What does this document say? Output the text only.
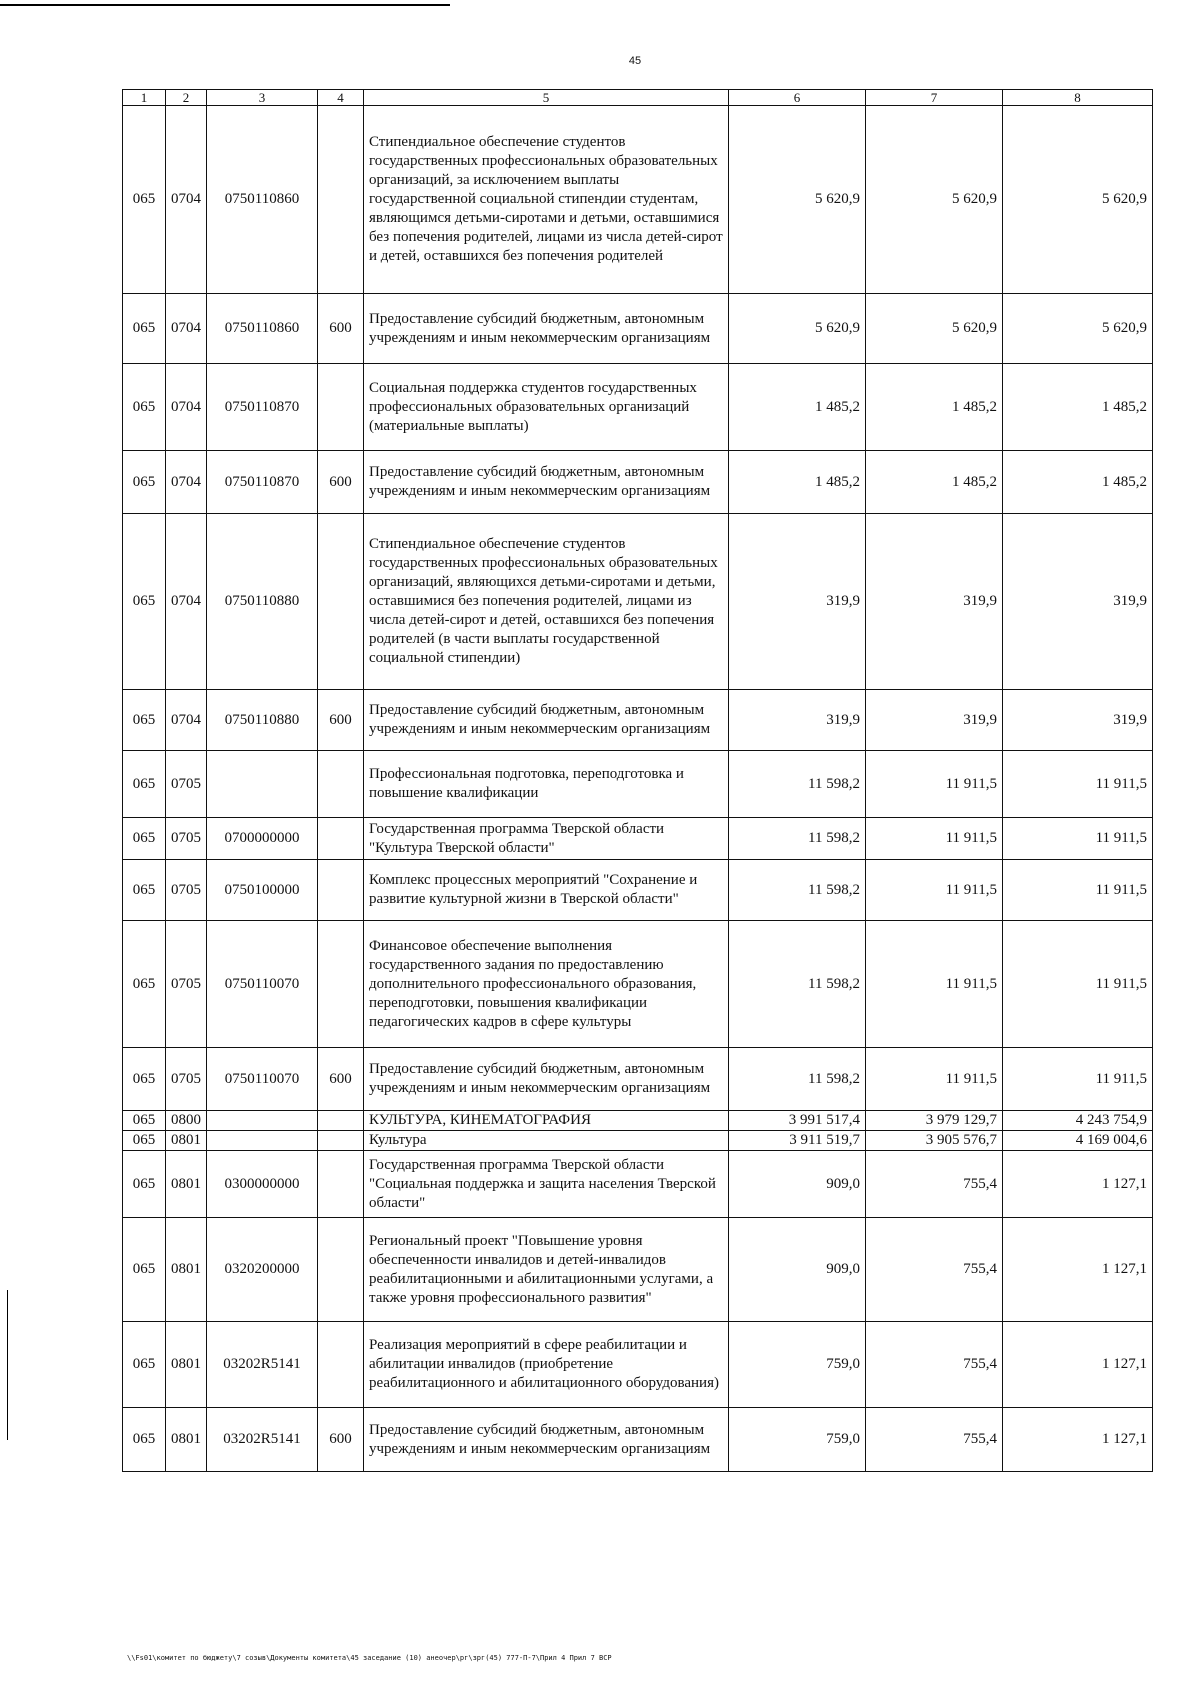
45
1	2	3	4	5	6	7	8
065	0704	0750110860		Стипендиальное обеспечение студентов государственных профессиональных образовательных организаций, за исключением выплаты государственной социальной стипендии студентам, являющимся детьми-сиротами и детьми, оставшимися без попечения родителей, лицами из числа детей-сирот и детей, оставшихся без попечения родителей	5 620,9	5 620,9	5 620,9
065	0704	0750110860	600	Предоставление субсидий бюджетным, автономным учреждениям и иным некоммерческим организациям	5 620,9	5 620,9	5 620,9
065	0704	0750110870		Социальная поддержка студентов государственных профессиональных образовательных организаций (материальные выплаты)	1 485,2	1 485,2	1 485,2
065	0704	0750110870	600	Предоставление субсидий бюджетным, автономным учреждениям и иным некоммерческим организациям	1 485,2	1 485,2	1 485,2
065	0704	0750110880		Стипендиальное обеспечение студентов государственных профессиональных образовательных организаций, являющихся детьми-сиротами и детьми, оставшимися без попечения родителей, лицами из числа детей-сирот и детей, оставшихся без попечения родителей (в части выплаты государственной социальной стипендии)	319,9	319,9	319,9
065	0704	0750110880	600	Предоставление субсидий бюджетным, автономным учреждениям и иным некоммерческим организациям	319,9	319,9	319,9
065	0705			Профессиональная подготовка, переподготовка и повышение квалификации	11 598,2	11 911,5	11 911,5
065	0705	0700000000		Государственная программа Тверской области "Культура Тверской области"	11 598,2	11 911,5	11 911,5
065	0705	0750100000		Комплекс процессных мероприятий "Сохранение и развитие культурной жизни в Тверской области"	11 598,2	11 911,5	11 911,5
065	0705	0750110070		Финансовое обеспечение выполнения государственного задания по предоставлению дополнительного профессионального образования, переподготовки, повышения квалификации педагогических кадров в сфере культуры	11 598,2	11 911,5	11 911,5
065	0705	0750110070	600	Предоставление субсидий бюджетным, автономным учреждениям и иным некоммерческим организациям	11 598,2	11 911,5	11 911,5
065	0800			КУЛЬТУРА, КИНЕМАТОГРАФИЯ	3 991 517,4	3 979 129,7	4 243 754,9
065	0801			Культура	3 911 519,7	3 905 576,7	4 169 004,6
065	0801	0300000000		Государственная программа Тверской области "Социальная поддержка и защита населения Тверской области"	909,0	755,4	1 127,1
065	0801	0320200000		Региональный проект "Повышение уровня обеспеченности инвалидов и детей-инвалидов реабилитационными и абилитационными услугами, а также уровня профессионального развития"	909,0	755,4	1 127,1
065	0801	03202R5141		Реализация мероприятий в сфере реабилитации и абилитации инвалидов (приобретение реабилитационного и абилитационного оборудования)	759,0	755,4	1 127,1
065	0801	03202R5141	600	Предоставление субсидий бюджетным, автономным учреждениям и иным некоммерческим организациям	759,0	755,4	1 127,1
\\Fs01\комитет по бюджету\7 созыв\Документы комитета\45 заседание (10) анеочер\рг\зрг(45) 777-П-7\Прил 4 Прил 7 ВСР
